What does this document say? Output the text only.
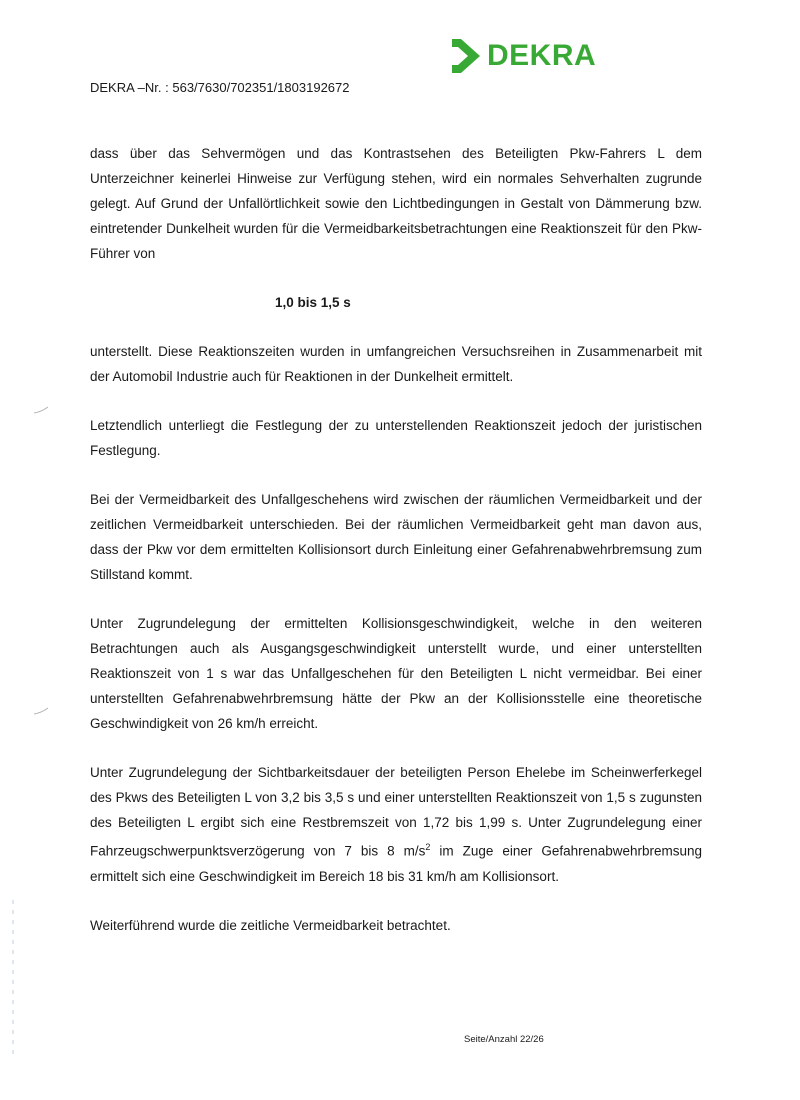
DEKRA
DEKRA –Nr. : 563/7630/702351/1803192672

dass über das Sehvermögen und das Kontrastsehen des Beteiligten Pkw-Fahrers L dem Unterzeichner keinerlei Hinweise zur Verfügung stehen, wird ein normales Sehverhalten zugrunde gelegt. Auf Grund der Unfallörtlichkeit sowie den Lichtbedingungen in Gestalt von Dämmerung bzw. eintretender Dunkelheit wurden für die Vermeidbarkeitsbetrachtungen eine Reaktionszeit für den Pkw-Führer von

1,0 bis 1,5 s

unterstellt. Diese Reaktionszeiten wurden in umfangreichen Versuchsreihen in Zusammenarbeit mit der Automobil Industrie auch für Reaktionen in der Dunkelheit ermittelt.

Letztendlich unterliegt die Festlegung der zu unterstellenden Reaktionszeit jedoch der juristischen Festlegung.

Bei der Vermeidbarkeit des Unfallgeschehens wird zwischen der räumlichen Vermeidbarkeit und der zeitlichen Vermeidbarkeit unterschieden. Bei der räumlichen Vermeidbarkeit geht man davon aus, dass der Pkw vor dem ermittelten Kollisionsort durch Einleitung einer Gefahrenabwehrbremsung zum Stillstand kommt.

Unter Zugrundelegung der ermittelten Kollisionsgeschwindigkeit, welche in den weiteren Betrachtungen auch als Ausgangsgeschwindigkeit unterstellt wurde, und einer unterstellten Reaktionszeit von 1 s war das Unfallgeschehen für den Beteiligten L nicht vermeidbar. Bei einer unterstellten Gefahrenabwehrbremsung hätte der Pkw an der Kollisionsstelle eine theoretische Geschwindigkeit von 26 km/h erreicht.

Unter Zugrundelegung der Sichtbarkeitsdauer der beteiligten Person Ehelebe im Scheinwerferkegel des Pkws des Beteiligten L von 3,2 bis 3,5 s und einer unterstellten Reaktionszeit von 1,5 s zugunsten des Beteiligten L ergibt sich eine Restbremszeit von 1,72 bis 1,99 s. Unter Zugrundelegung einer Fahrzeugschwerpunktsverzögerung von 7 bis 8 $m/s^2$ im Zuge einer Gefahrenabwehrbremsung ermittelt sich eine Geschwindigkeit im Bereich 18 bis 31 km/h am Kollisionsort.

Weiterführend wurde die zeitliche Vermeidbarkeit betrachtet.

Seite/Anzahl 22/26
